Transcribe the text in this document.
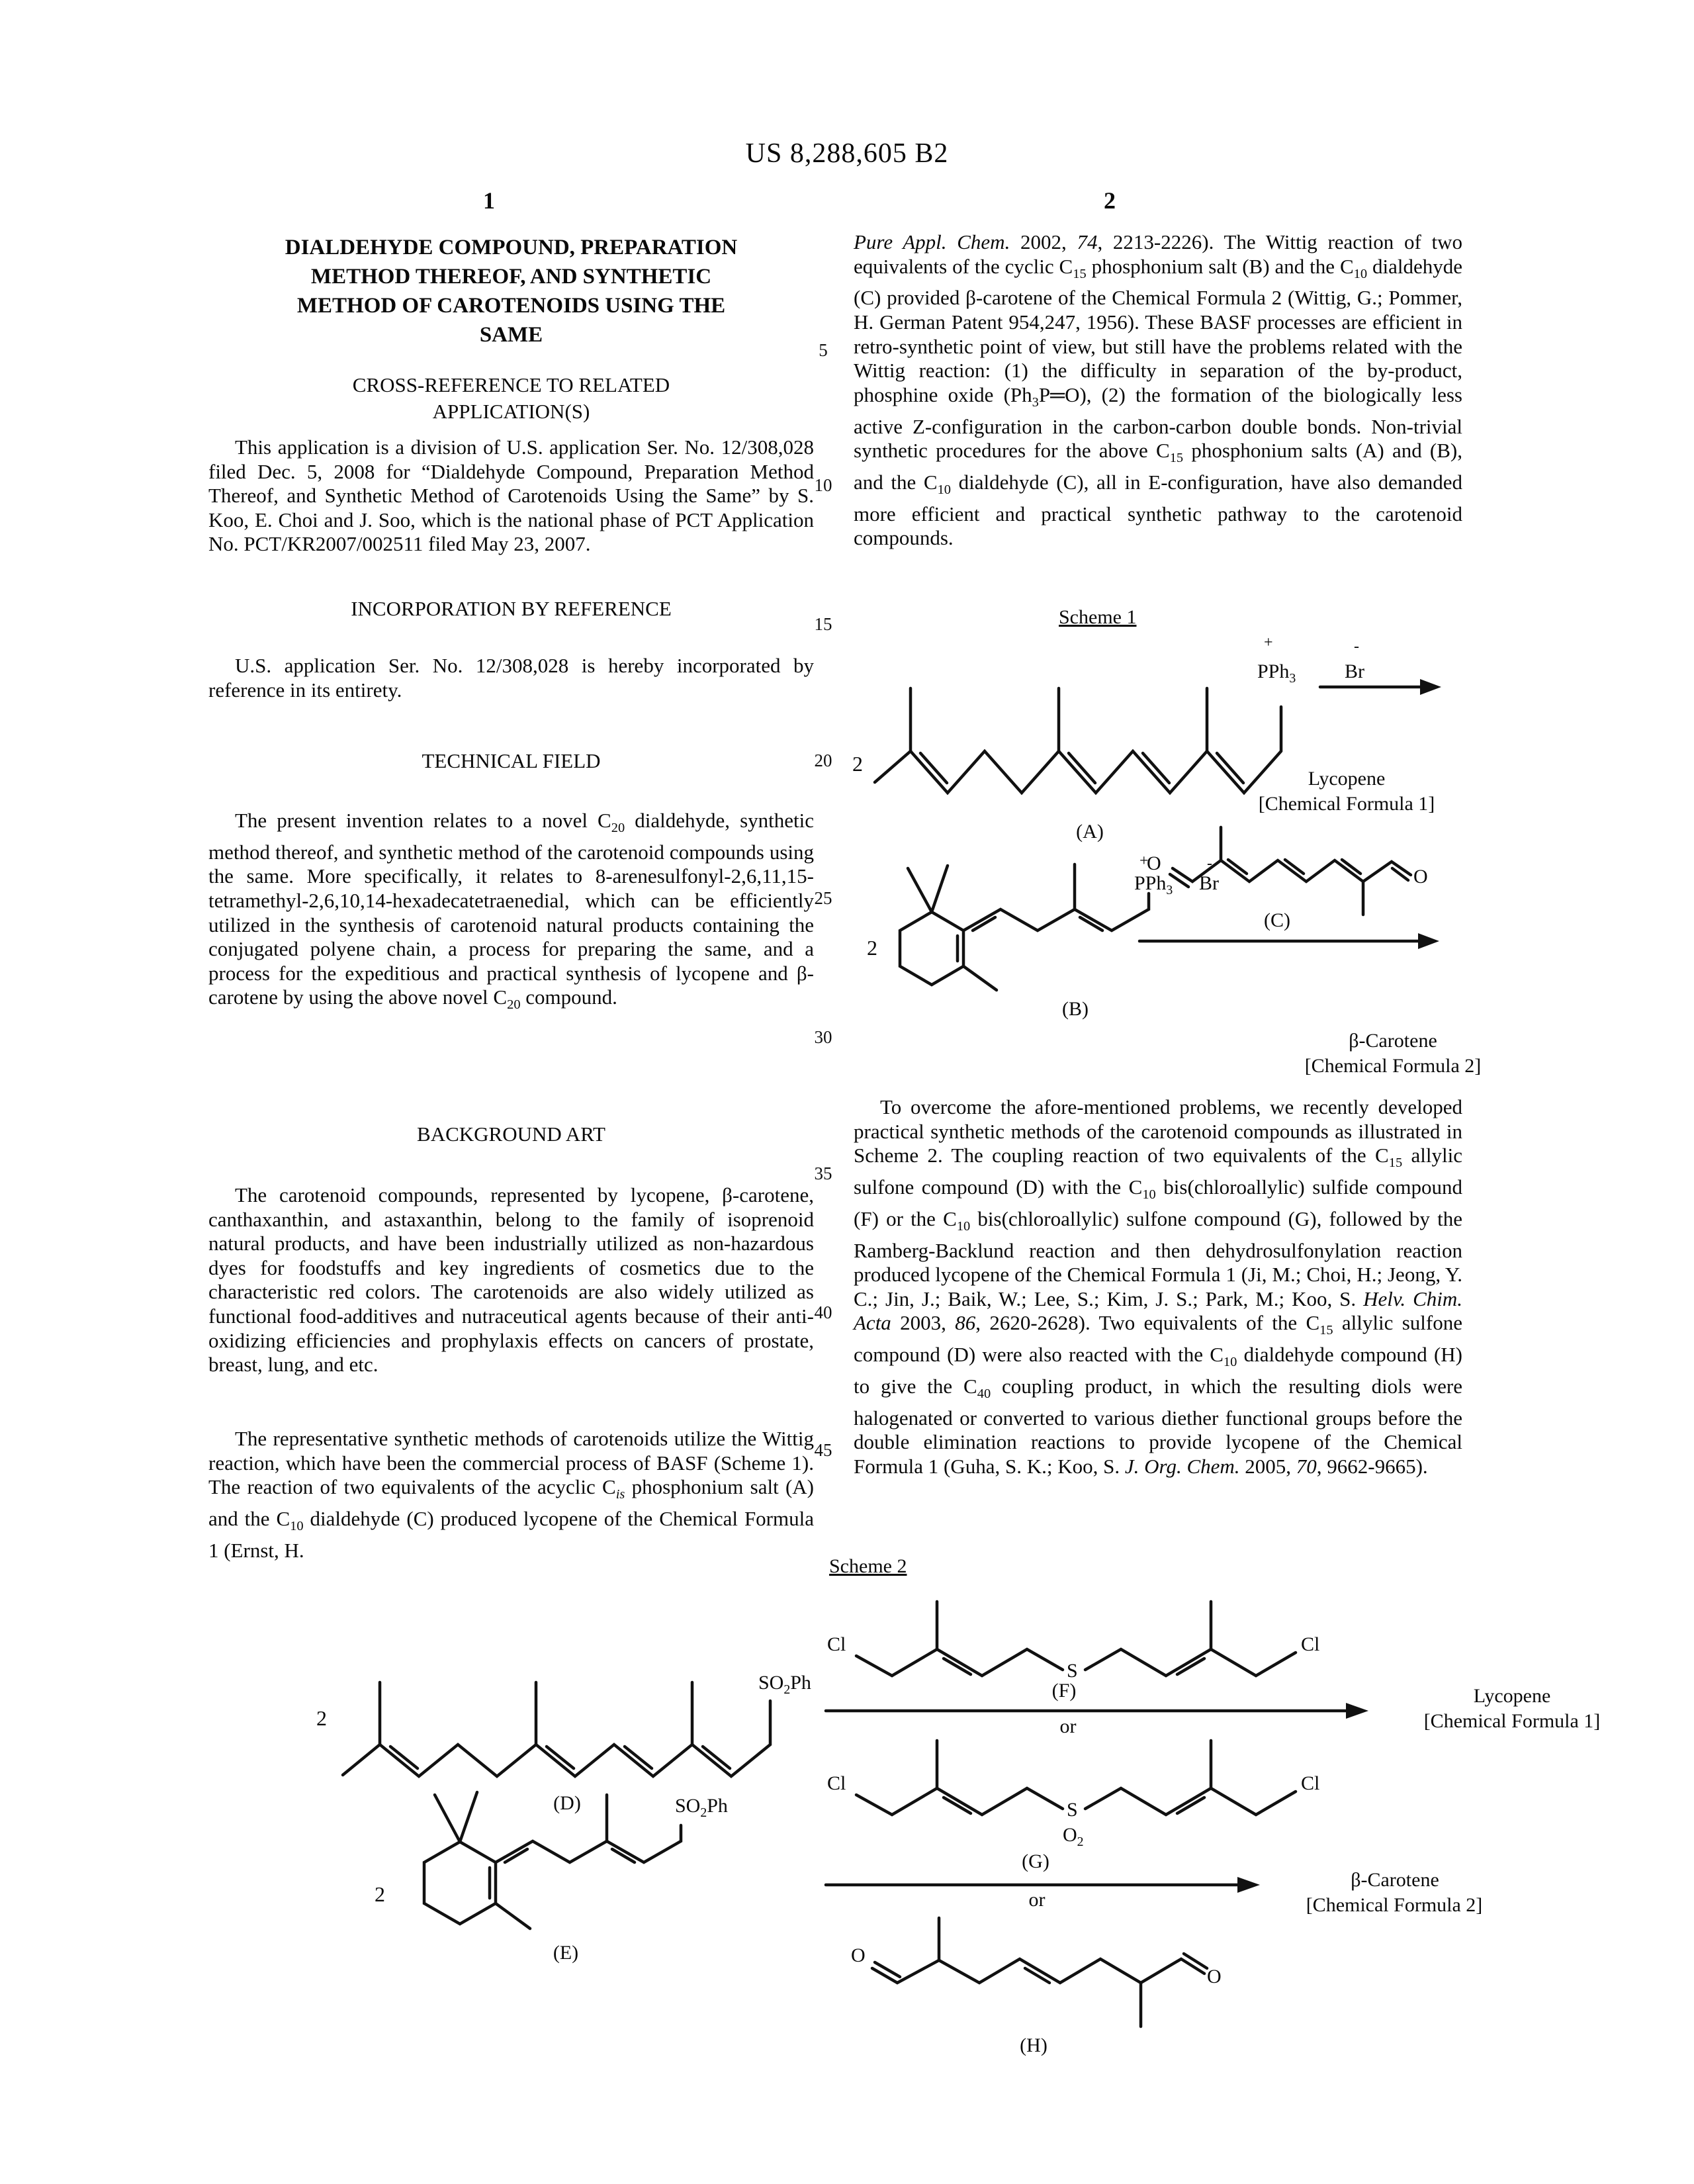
US 8,288,605 B2
1	2
5
10
15
20
25
30
35
40
45
DIALDEHYDE COMPOUND, PREPARATION
METHOD THEREOF, AND SYNTHETIC
METHOD OF CAROTENOIDS USING THE
SAME
CROSS-REFERENCE TO RELATED
APPLICATION(S)
This application is a division of U.S. application Ser. No. 12/308,028 filed Dec. 5, 2008 for “Dialdehyde Compound, Preparation Method Thereof, and Synthetic Method of Carotenoids Using the Same” by S. Koo, E. Choi and J. Soo, which is the national phase of PCT Application No. PCT/KR2007/002511 filed May 23, 2007.
INCORPORATION BY REFERENCE
U.S. application Ser. No. 12/308,028 is hereby incorporated by reference in its entirety.
TECHNICAL FIELD
The present invention relates to a novel $C_{20}$ dialdehyde, synthetic method thereof, and synthetic method of the carotenoid compounds using the same. More specifically, it relates to 8-arenesulfonyl-2,6,11,15-tetramethyl-2,6,10,14-hexadecatetraenedial, which can be efficiently utilized in the synthesis of carotenoid natural products containing the conjugated polyene chain, a process for preparing the same, and a process for the expeditious and practical synthesis of lycopene and β-carotene by using the above novel $C_{20}$ compound.
BACKGROUND ART
The carotenoid compounds, represented by lycopene, β-carotene, canthaxanthin, and astaxanthin, belong to the family of isoprenoid natural products, and have been industrially utilized as non-hazardous dyes for foodstuffs and key ingredients of cosmetics due to the characteristic red colors. The carotenoids are also widely utilized as functional food-additives and nutraceutical agents because of their anti-oxidizing efficiencies and prophylaxis effects on cancers of prostate, breast, lung, and etc.
The representative synthetic methods of carotenoids utilize the Wittig reaction, which have been the commercial process of BASF (Scheme 1). The reaction of two equivalents of the acyclic $C_{is}$ phosphonium salt (A) and the $C_{10}$ dialdehyde (C) produced lycopene of the Chemical Formula 1 (Ernst, H.
Pure Appl. Chem. 2002, 74, 2213-2226). The Wittig reaction of two equivalents of the cyclic $C_{15}$ phosphonium salt (B) and the $C_{10}$ dialdehyde (C) provided β-carotene of the Chemical Formula 2 (Wittig, G.; Pommer, H. German Patent 954,247, 1956). These BASF processes are efficient in retro-synthetic point of view, but still have the problems related with the Wittig reaction: (1) the difficulty in separation of the by-product, phosphine oxide $(Ph_3P═O)$, (2) the formation of the biologically less active Z-configuration in the carbon-carbon double bonds. Non-trivial synthetic procedures for the above $C_{15}$ phosphonium salts (A) and (B), and the $C_{10}$ dialdehyde (C), all in E-configuration, have also demanded more efficient and practical synthetic pathway to the carotenoid compounds.
To overcome the afore-mentioned problems, we recently developed practical synthetic methods of the carotenoid compounds as illustrated in Scheme 2. The coupling reaction of two equivalents of the $C_{15}$ allylic sulfone compound (D) with the $C_{10}$ bis(chloroallylic) sulfide compound (F) or the $C_{10}$ bis(chloroallylic) sulfone compound (G), followed by the Ramberg-Backlund reaction and then dehydrosulfonylation reaction produced lycopene of the Chemical Formula 1 (Ji, M.; Choi, H.; Jeong, Y. C.; Jin, J.; Baik, W.; Lee, S.; Kim, J. S.; Park, M.; Koo, S. Helv. Chim. Acta 2003, 86, 2620-2628). Two equivalents of the $C_{15}$ allylic sulfone compound (D) were also reacted with the $C_{10}$ dialdehyde compound (H) to give the $C_{40}$ coupling product, in which the resulting diols were halogenated or converted to various diether functional groups before the double elimination reactions to provide lycopene of the Chemical Formula 1 (Guha, S. K.; Koo, S. J. Org. Chem. 2005, 70, 9662-9665).
Scheme 1
2
+
PPh$_3$
-
Br
(A)
Lycopene
[Chemical Formula 1]
O
O
(C)
2
+
PPh$_3$
-
Br
(B)
β-Carotene
[Chemical Formula 2]
Scheme 2
2
$SO_2Ph$
(D)
2
$SO_2Ph$
(E)
Cl
S
Cl
(F)
or
Lycopene
[Chemical Formula 1]
Cl
S
$O_2$
Cl
(G)
or
β-Carotene
[Chemical Formula 2]
O
O
(H)
